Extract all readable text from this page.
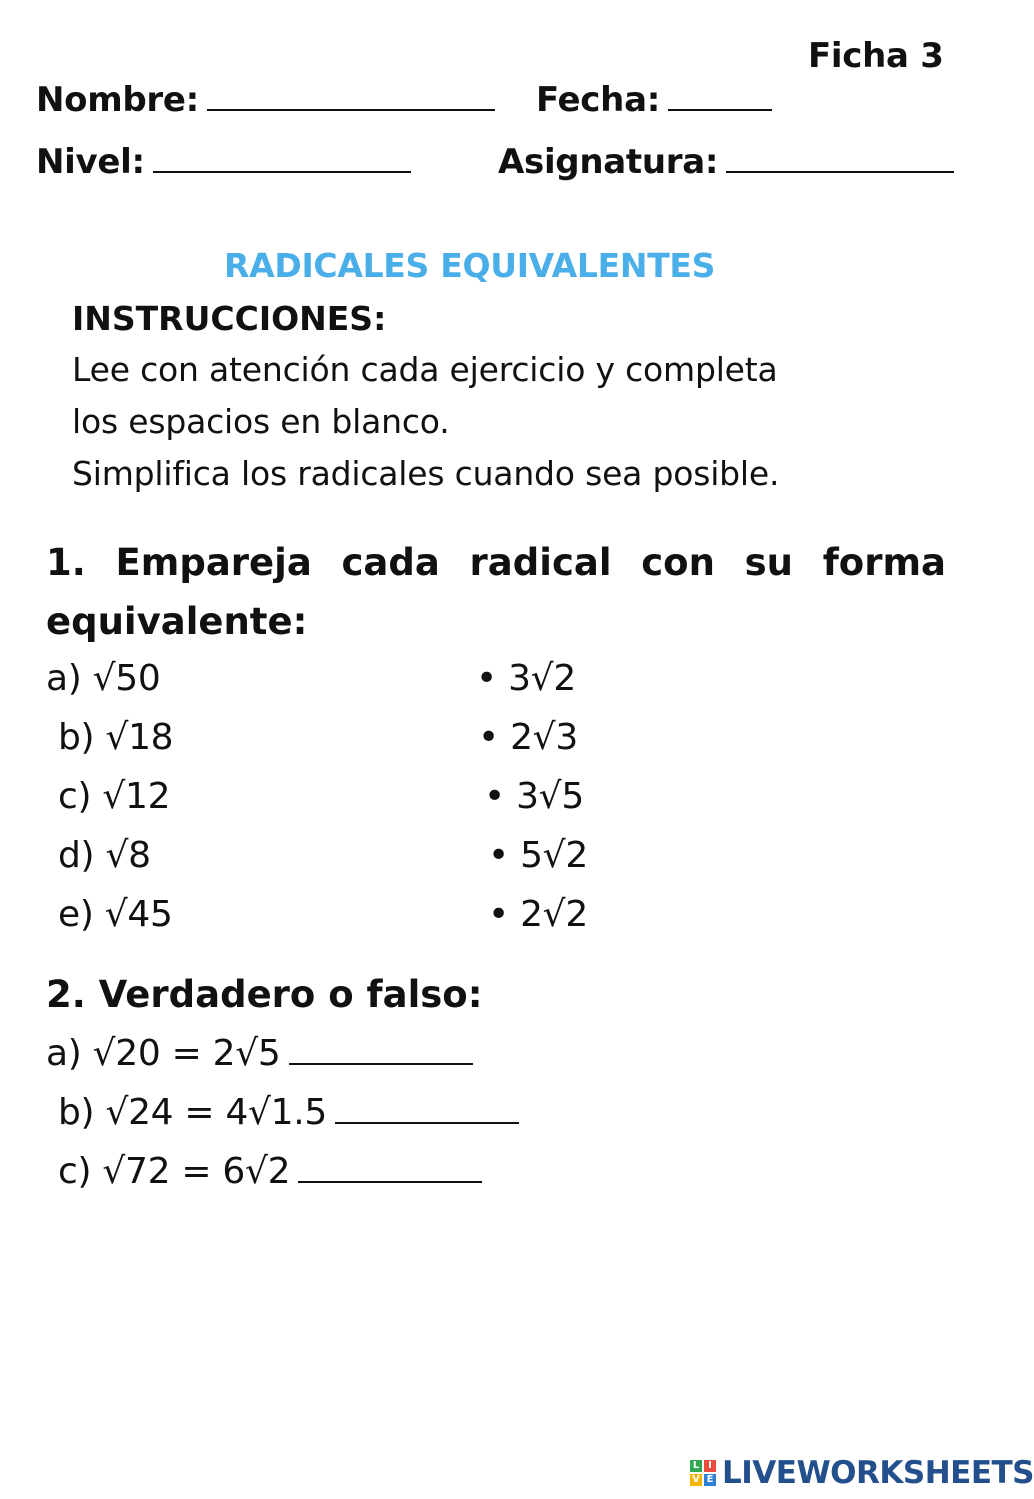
Ficha 3
Nombre:	Fecha:
Nivel:	Asignatura:
RADICALES EQUIVALENTES
INSTRUCCIONES:
Lee con atención cada ejercicio y completa
los espacios en blanco.
Simplifica los radicales cuando sea posible.
1. Empareja cada radical con su forma equivalente:
a) √50
b) √18
c) √12
d) √8
e) √45
• 3√2
• 2√3
• 3√5
• 5√2
• 2√2
2. Verdadero o falso:
a) √20 = 2√5
b) √24 = 4√1.5
c) √72 = 6√2
L I
V E LIVEWORKSHEETS
